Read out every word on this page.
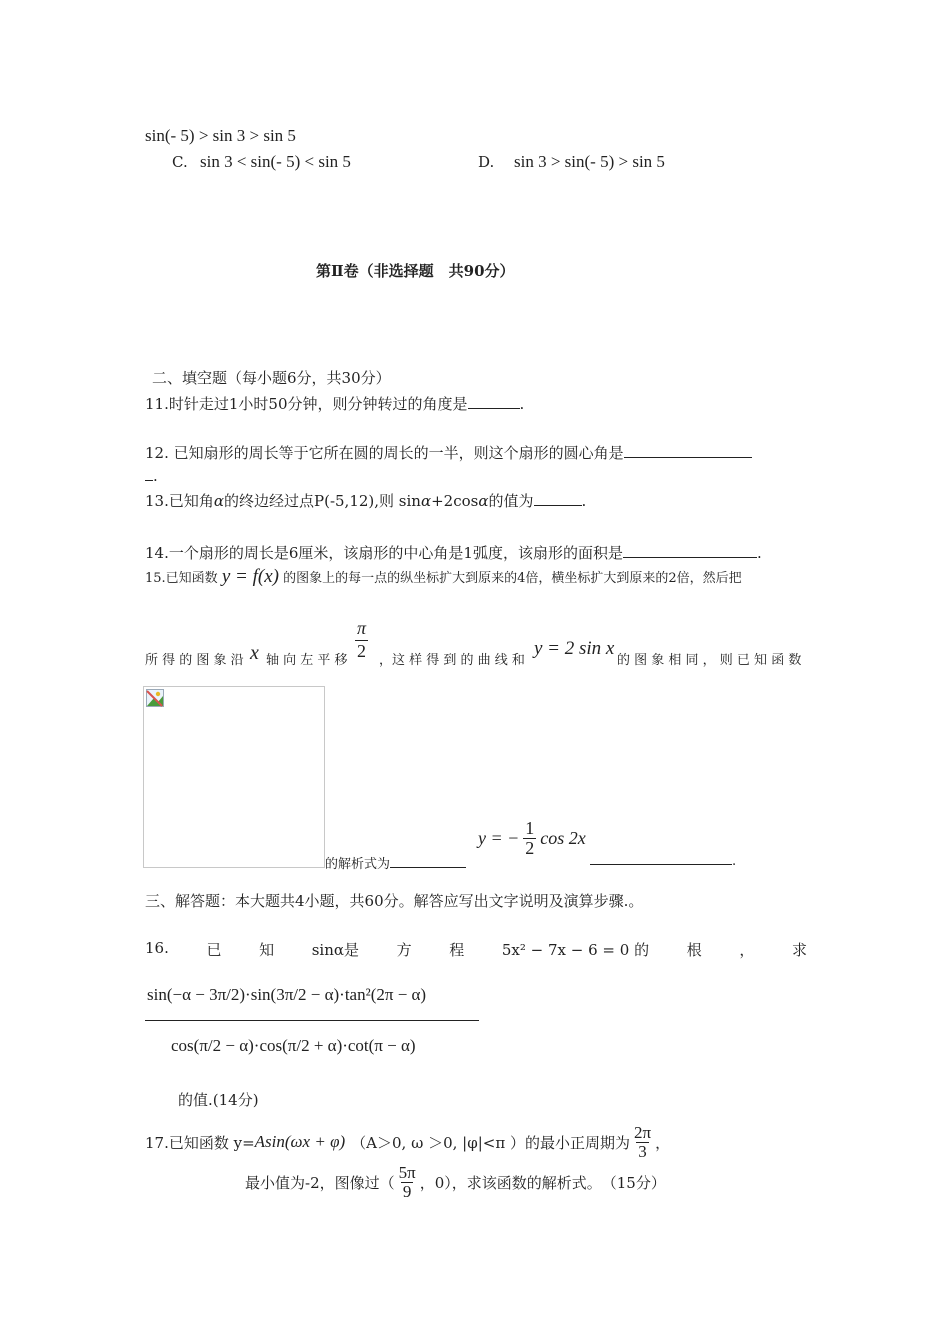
sin(- 5) > sin 3 > sin 5
C. sin 3 < sin(- 5) < sin 5	D. sin 3 > sin(- 5) > sin 5
第Ⅱ卷（非选择题　共90分）
二、填空题（每小题6分，共30分）
11.时针走过1小时50分钟，则分钟转过的角度是	.
12. 已知扇形的周长等于它所在圆的周长的一半，则这个扇形的圆心角是
.
13.已知角α的终边经过点P(-5,12),则 sinα+2cosα的值为	.
14.一个扇形的周长是6厘米，该扇形的中心角是1弧度，该扇形的面积是	.
15.已知函数 y = f(x) 的图象上的每一点的纵坐标扩大到原来的4倍，横坐标扩大到原来的2倍，然后把
所 得 的 图 象 沿 x 轴 向 左 平 移 $\frac{\pi}{2}$ ，这 样 得 到 的 曲 线 和
y = 2 sin x
的 图 象 相 同 ， 则 已 知 函 数
的解析式为
y = − $\frac{1}{2}$ cos 2x
.
三、解答题：本大题共4小题，共60分。解答应写出文字说明及演算步骤.。
16.	已	知	sinα是	方	程	5x² − 7x − 6 = 0 的	根	，	求
sin(−α − 3π/2)·sin(3π/2 − α)·tan²(2π − α)
cos(π/2 − α)·cos(π/2 + α)·cot(π − α)
的值.(14分)
17.已知函数 y= Asin(ωx + φ) （A＞0, ω ＞0, |φ|<π ）的最小正周期为 $\frac{2\pi}{3}$ ，
最小值为-2，图像过（ $\frac{5\pi}{9}$ ，0），求该函数的解析式。　（15分）
